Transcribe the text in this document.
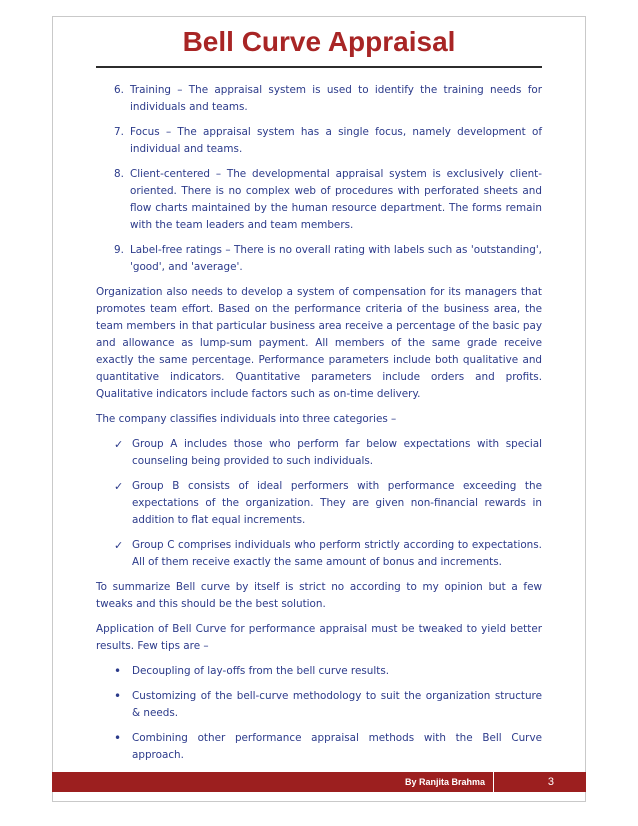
Bell Curve Appraisal
6. Training – The appraisal system is used to identify the training needs for individuals and teams.
7. Focus – The appraisal system has a single focus, namely development of individual and teams.
8. Client-centered – The developmental appraisal system is exclusively client-oriented. There is no complex web of procedures with perforated sheets and flow charts maintained by the human resource department. The forms remain with the team leaders and team members.
9. Label-free ratings – There is no overall rating with labels such as 'outstanding', 'good', and 'average'.

Organization also needs to develop a system of compensation for its managers that promotes team effort. Based on the performance criteria of the business area, the team members in that particular business area receive a percentage of the basic pay and allowance as lump-sum payment. All members of the same grade receive exactly the same percentage. Performance parameters include both qualitative and quantitative indicators. Quantitative parameters include orders and profits. Qualitative indicators include factors such as on-time delivery.

The company classifies individuals into three categories –

✓ Group A includes those who perform far below expectations with special counseling being provided to such individuals.
✓ Group B consists of ideal performers with performance exceeding the expectations of the organization. They are given non-financial rewards in addition to flat equal increments.
✓ Group C comprises individuals who perform strictly according to expectations. All of them receive exactly the same amount of bonus and increments.

To summarize Bell curve by itself is strict no according to my opinion but a few tweaks and this should be the best solution.

Application of Bell Curve for performance appraisal must be tweaked to yield better results. Few tips are –

•	Decoupling of lay-offs from the bell curve results.
•	Customizing of the bell-curve methodology to suit the organization structure & needs.
•	Combining other performance appraisal methods with the Bell Curve approach.
By Ranjita Brahma	3
